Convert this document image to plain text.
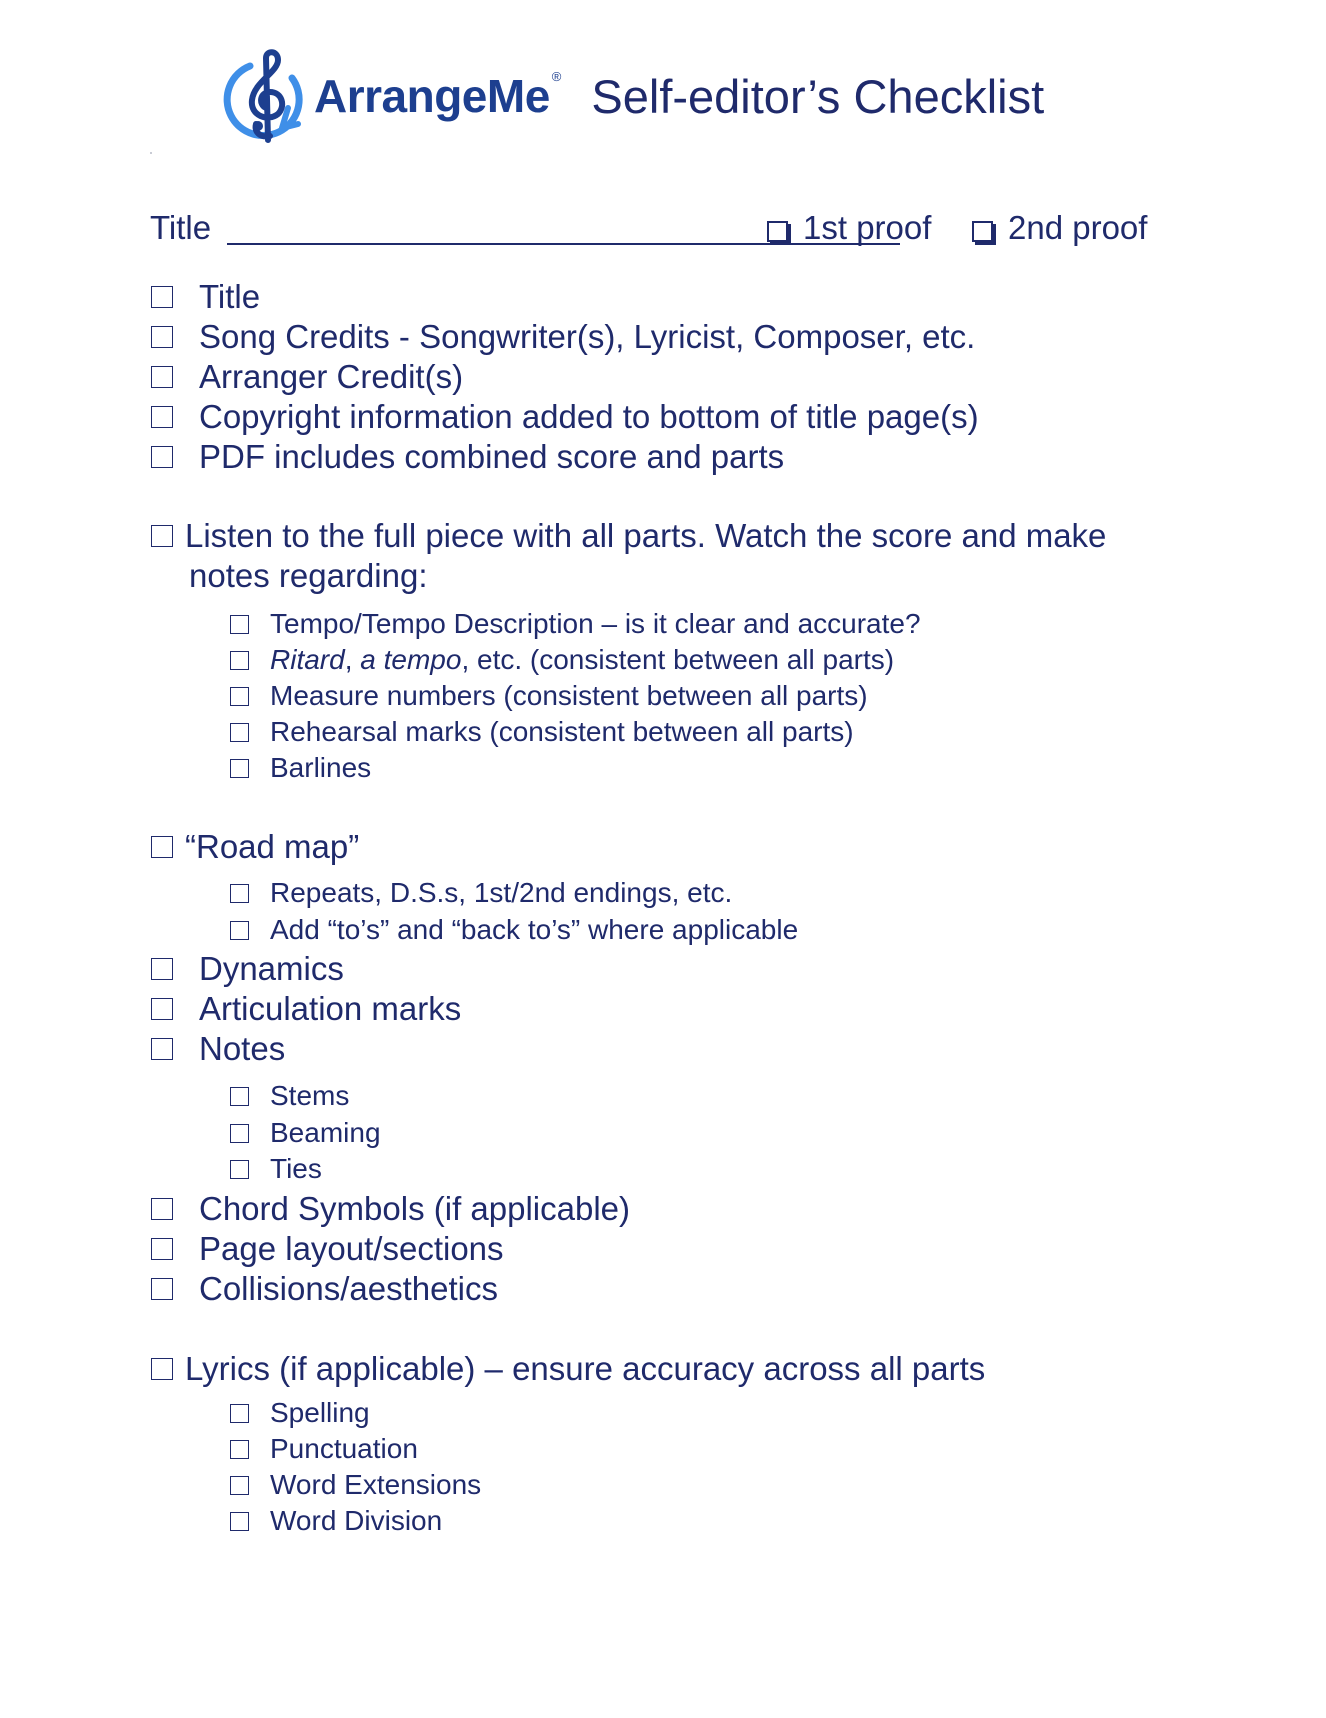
ArrangeMe ® Self-editor’s Checklist
Title	1st proof 2nd proof
Title
Song Credits - Songwriter(s), Lyricist, Composer, etc.
Arranger Credit(s)
Copyright information added to bottom of title page(s)
PDF includes combined score and parts
Listen to the full piece with all parts. Watch the score and make
notes regarding:
Tempo/Tempo Description – is it clear and accurate?
Ritard, a tempo, etc. (consistent between all parts)
Measure numbers (consistent between all parts)
Rehearsal marks (consistent between all parts)
Barlines
“Road map”
Repeats, D.S.s, 1st/2nd endings, etc.
Add “to’s” and “back to’s” where applicable
Dynamics
Articulation marks
Notes
Stems
Beaming
Ties
Chord Symbols (if applicable)
Page layout/sections
Collisions/aesthetics
Lyrics (if applicable) – ensure accuracy across all parts
Spelling
Punctuation
Word Extensions
Word Division
